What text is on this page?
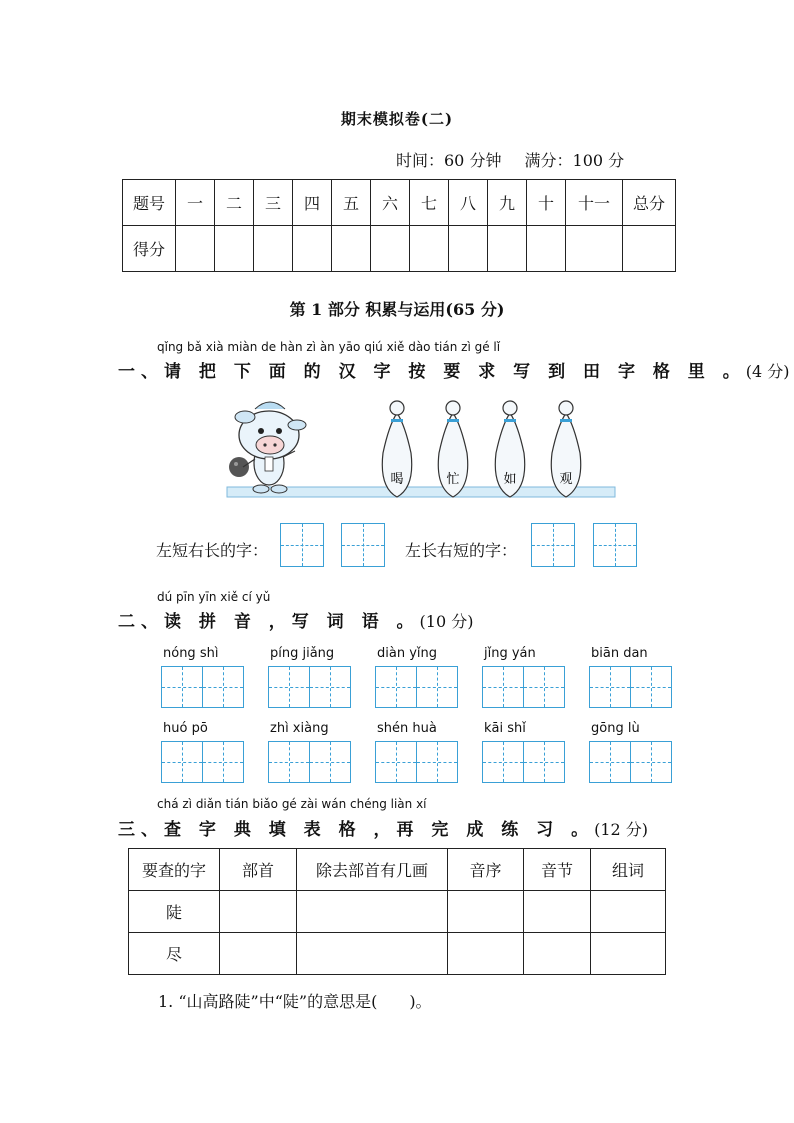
期末模拟卷(二)
时间：60 分钟 满分：100 分
题号	一	二	三	四	五	六	七	八	九	十	十一	总分
得分												
第 1 部分 积累与运用(65 分)
qǐng bǎ xià miàn de hàn zì àn yāo qiú xiě dào tián zì gé lǐ
一、请 把 下 面 的 汉 字 按 要 求 写 到 田 字 格 里 。(4 分)
喝	忙	如	观
左短右长的字：	左长右短的字：
dú pīn yīn xiě cí yǔ
二、读 拼 音 ，写 词 语 。(10 分)
nóng shì	píng jiǎng	diàn yǐng	jǐng yán	biān dan
huó pō	zhì xiàng	shén huà	kāi shǐ	gōng lù
chá zì diǎn tián biǎo gé zài wán chéng liàn xí
三、查 字 典 填 表 格 ，再 完 成 练 习 。(12 分)
要查的字	部首	除去部首有几画	音序	音节	组词
陡					
尽					
1. “山高路陡”中“陡”的意思是(　　)。
